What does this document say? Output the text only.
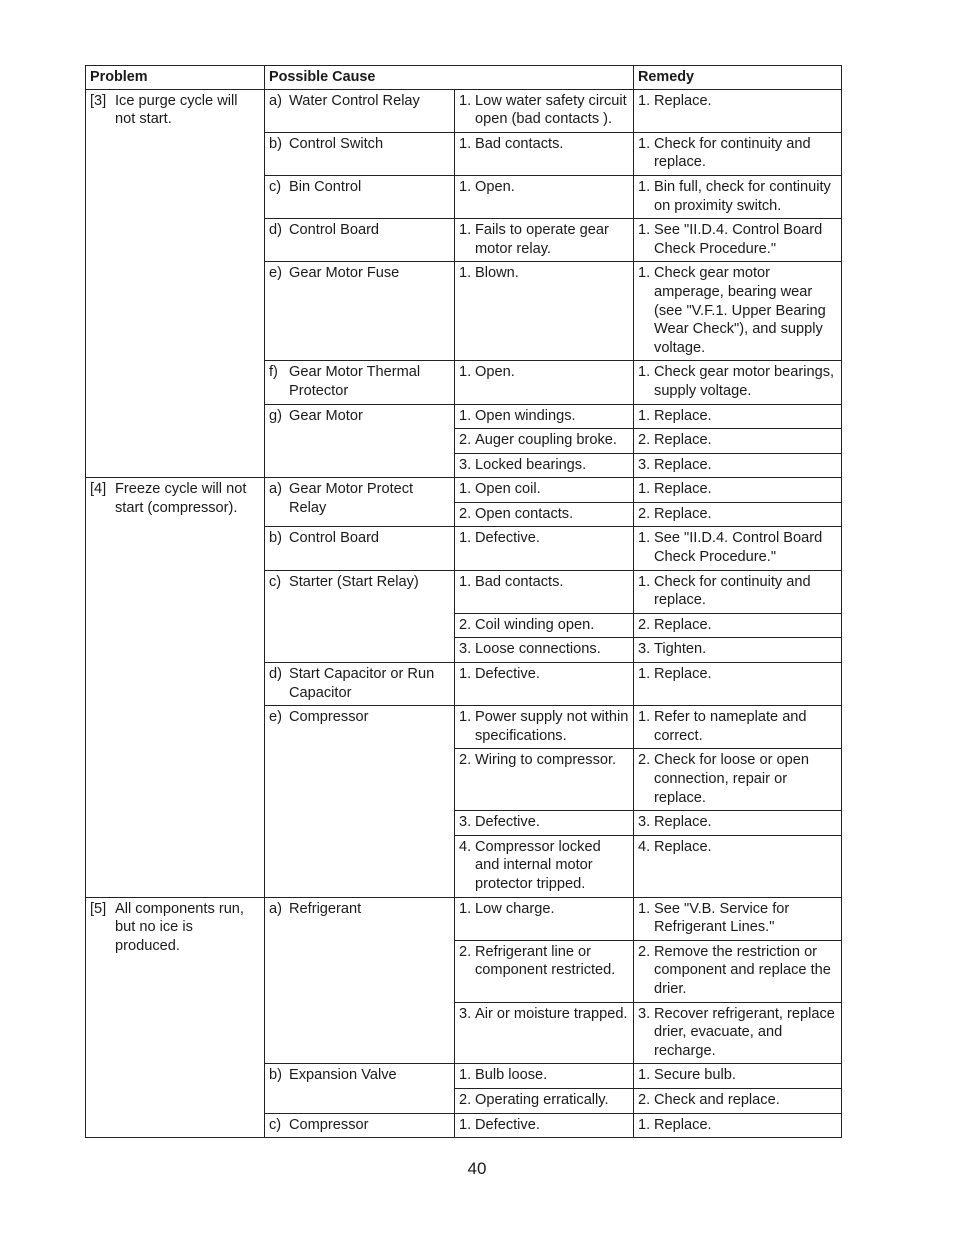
Problem	Possible Cause		Remedy

[3] Ice purge cycle will not start.	a) Water Control Relay	1. Low water safety circuit open (bad contacts ).	1. Replace.

	b) Control Switch	1. Bad contacts.	1. Check for continuity and replace.

	c) Bin Control	1. Open.	1. Bin full, check for continuity on proximity switch.

	d) Control Board	1. Fails to operate gear motor relay.	1. See "II.D.4. Control Board Check Procedure."

	e) Gear Motor Fuse	1. Blown.	1. Check gear motor amperage, bearing wear (see "V.F.1. Upper Bearing Wear Check"), and supply voltage.

	f) Gear Motor Thermal Protector	1. Open.	1. Check gear motor bearings, supply voltage.

	g) Gear Motor	1. Open windings.	1. Replace.

		2. Auger coupling broke.	2. Replace.

		3. Locked bearings.	3. Replace.

[4] Freeze cycle will not start (compressor).	a) Gear Motor Protect Relay	1. Open coil.	1. Replace.

		2. Open contacts.	2. Replace.

	b) Control Board	1. Defective.	1. See "II.D.4. Control Board Check Procedure."

	c) Starter (Start Relay)	1. Bad contacts.	1. Check for continuity and replace.

		2. Coil winding open.	2. Replace.

		3. Loose connections.	3. Tighten.

	d) Start Capacitor or Run Capacitor	1. Defective.	1. Replace.

	e) Compressor	1. Power supply not within specifications.	1. Refer to nameplate and correct.

		2. Wiring to compressor.	2. Check for loose or open connection, repair or replace.

		3. Defective.	3. Replace.

		4. Compressor locked and internal motor protector tripped.	4. Replace.

[5] All components run, but no ice is produced.	a) Refrigerant	1. Low charge.	1. See "V.B. Service for Refrigerant Lines."

		2. Refrigerant line or component restricted.	2. Remove the restriction or component and replace the drier.

		3. Air or moisture trapped.	3. Recover refrigerant, replace drier, evacuate, and recharge.

	b) Expansion Valve	1. Bulb loose.	1. Secure bulb.

		2. Operating erratically.	2. Check and replace.

	c) Compressor	1. Defective.	1. Replace.
40
